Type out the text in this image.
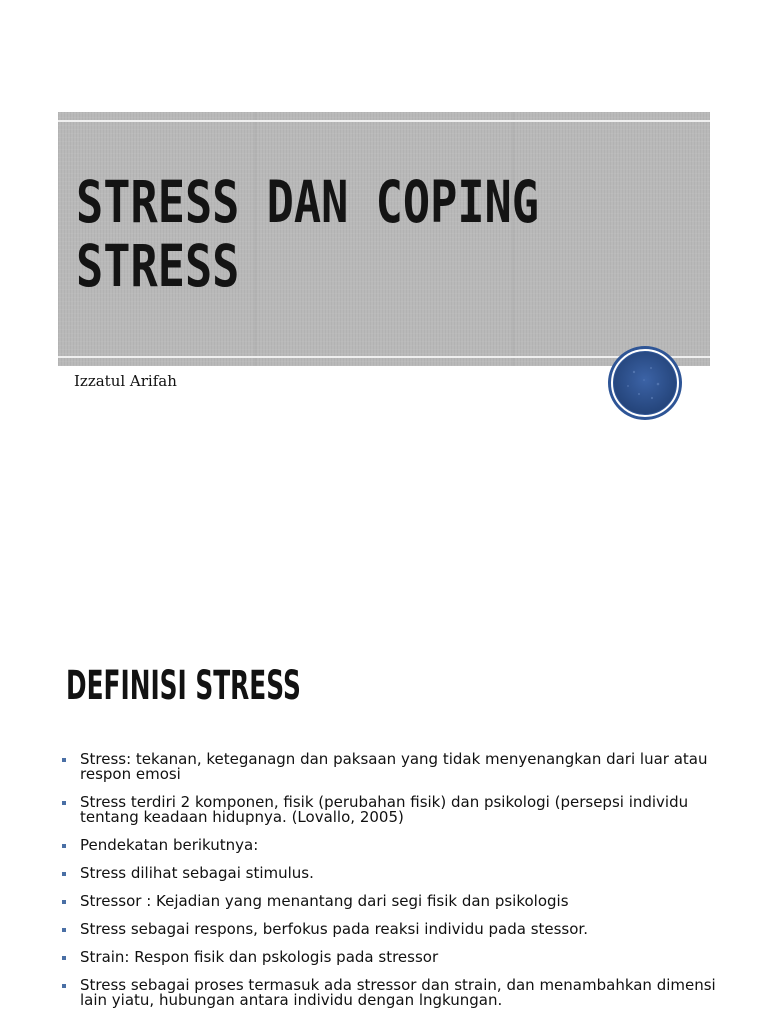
STRESS DAN COPING
STRESS

Izzatul Arifah

DEFINISI STRESS
Stress: tekanan, keteganagn dan paksaan yang tidak menyenangkan dari luar atau respon emosi
Stress terdiri 2 komponen, fisik (perubahan fisik) dan psikologi (persepsi individu tentang keadaan hidupnya. (Lovallo, 2005)
Pendekatan berikutnya:
Stress dilihat sebagai stimulus.
Stressor : Kejadian yang menantang dari segi fisik dan psikologis
Stress sebagai respons, berfokus pada reaksi individu pada stessor.
Strain: Respon fisik dan pskologis pada stressor
Stress sebagai proses termasuk ada stressor dan strain, dan menambahkan dimensi lain yiatu, hubungan antara individu dengan lngkungan.
